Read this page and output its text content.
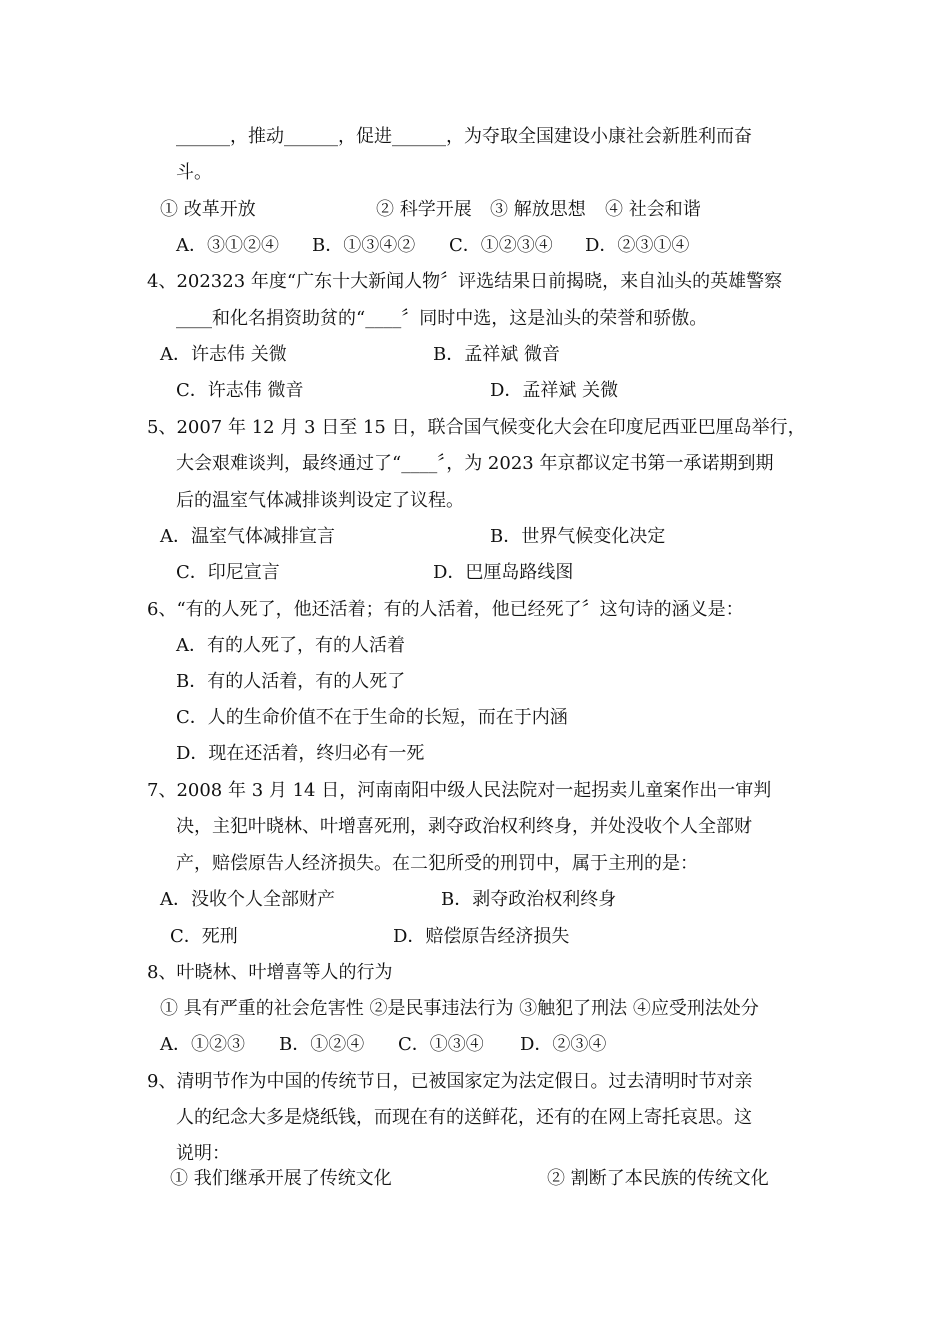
______，推动______，促进______，为夺取全国建设小康社会新胜利而奋
斗。
① 改革开放	② 科学开展 ③ 解放思想 ④ 社会和谐
A．③①②④ B．①③④② C．①②③④ D．②③①④
4、202323 年度“广东十大新闻人物〞评选结果日前揭晓，来自汕头的英雄警察
____和化名捐资助贫的“____〞同时中选，这是汕头的荣誉和骄傲。
A．许志伟 关微	B．孟祥斌 微音
C．许志伟 微音	D．孟祥斌 关微
5、2007 年 12 月 3 日至 15 日，联合国气候变化大会在印度尼西亚巴厘岛举行，
大会艰难谈判，最终通过了“____〞，为 2023 年京都议定书第一承诺期到期
后的温室气体减排谈判设定了议程。
A．温室气体减排宣言	B．世界气候变化决定
C．印尼宣言	D．巴厘岛路线图
6、“有的人死了，他还活着；有的人活着，他已经死了〞这句诗的涵义是：
A．有的人死了，有的人活着
B．有的人活着，有的人死了
C．人的生命价值不在于生命的长短，而在于内涵
D．现在还活着，终归必有一死
7、2008 年 3 月 14 日，河南南阳中级人民法院对一起拐卖儿童案作出一审判
决，主犯叶晓林、叶增喜死刑，剥夺政治权利终身，并处没收个人全部财
产，赔偿原告人经济损失。在二犯所受的刑罚中，属于主刑的是：
A．没收个人全部财产	B．剥夺政治权利终身
C．死刑	D．赔偿原告经济损失
8、叶晓林、叶增喜等人的行为
① 具有严重的社会危害性 ②是民事违法行为 ③触犯了刑法 ④应受刑法处分
A．①②③ B．①②④ C．①③④ D．②③④
9、清明节作为中国的传统节日，已被国家定为法定假日。过去清明时节对亲
人的纪念大多是烧纸钱，而现在有的送鲜花，还有的在网上寄托哀思。这
说明：
① 我们继承开展了传统文化	② 割断了本民族的传统文化
